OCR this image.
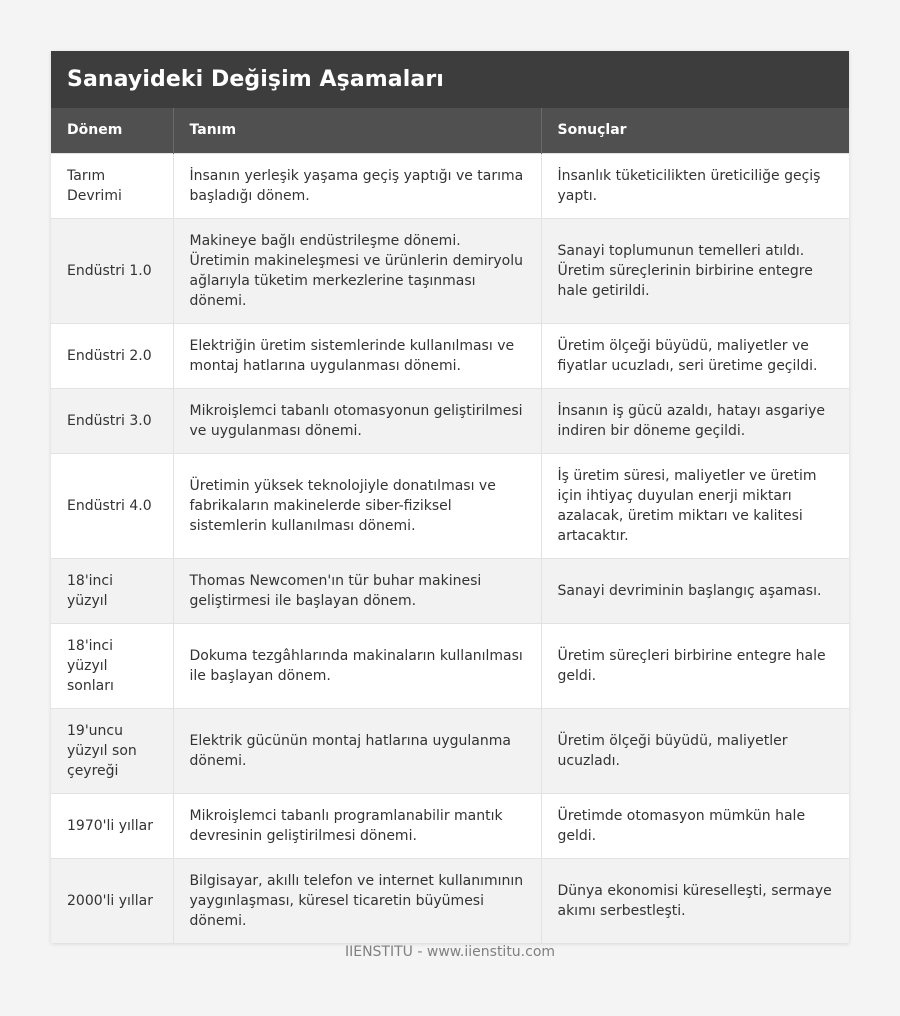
Sanayideki Değişim Aşamaları
Dönem	Tanım	Sonuçlar
Tarım Devrimi	İnsanın yerleşik yaşama geçiş yaptığı ve tarıma başladığı dönem.	İnsanlık tüketicilikten üreticiliğe geçiş yaptı.
Endüstri 1.0	Makineye bağlı endüstrileşme dönemi. Üretimin makineleşmesi ve ürünlerin demiryolu ağlarıyla tüketim merkezlerine taşınması dönemi.	Sanayi toplumunun temelleri atıldı. Üretim süreçlerinin birbirine entegre hale getirildi.
Endüstri 2.0	Elektriğin üretim sistemlerinde kullanılması ve montaj hatlarına uygulanması dönemi.	Üretim ölçeği büyüdü, maliyetler ve fiyatlar ucuzladı, seri üretime geçildi.
Endüstri 3.0	Mikroişlemci tabanlı otomasyonun geliştirilmesi ve uygulanması dönemi.	İnsanın iş gücü azaldı, hatayı asgariye indiren bir döneme geçildi.
Endüstri 4.0	Üretimin yüksek teknolojiyle donatılması ve fabrikaların makinelerde siber-fiziksel sistemlerin kullanılması dönemi.	İş üretim süresi, maliyetler ve üretim için ihtiyaç duyulan enerji miktarı azalacak, üretim miktarı ve kalitesi artacaktır.
18'inci yüzyıl	Thomas Newcomen'ın tür buhar makinesi geliştirmesi ile başlayan dönem.	Sanayi devriminin başlangıç aşaması.
18'inci yüzyıl sonları	Dokuma tezgâhlarında makinaların kullanılması ile başlayan dönem.	Üretim süreçleri birbirine entegre hale geldi.
19'uncu yüzyıl son çeyreği	Elektrik gücünün montaj hatlarına uygulanma dönemi.	Üretim ölçeği büyüdü, maliyetler ucuzladı.
1970'li yıllar	Mikroişlemci tabanlı programlanabilir mantık devresinin geliştirilmesi dönemi.	Üretimde otomasyon mümkün hale geldi.
2000'li yıllar	Bilgisayar, akıllı telefon ve internet kullanımının yaygınlaşması, küresel ticaretin büyümesi dönemi.	Dünya ekonomisi küreselleşti, sermaye akımı serbestleşti.
IIENSTITU - www.iienstitu.com
